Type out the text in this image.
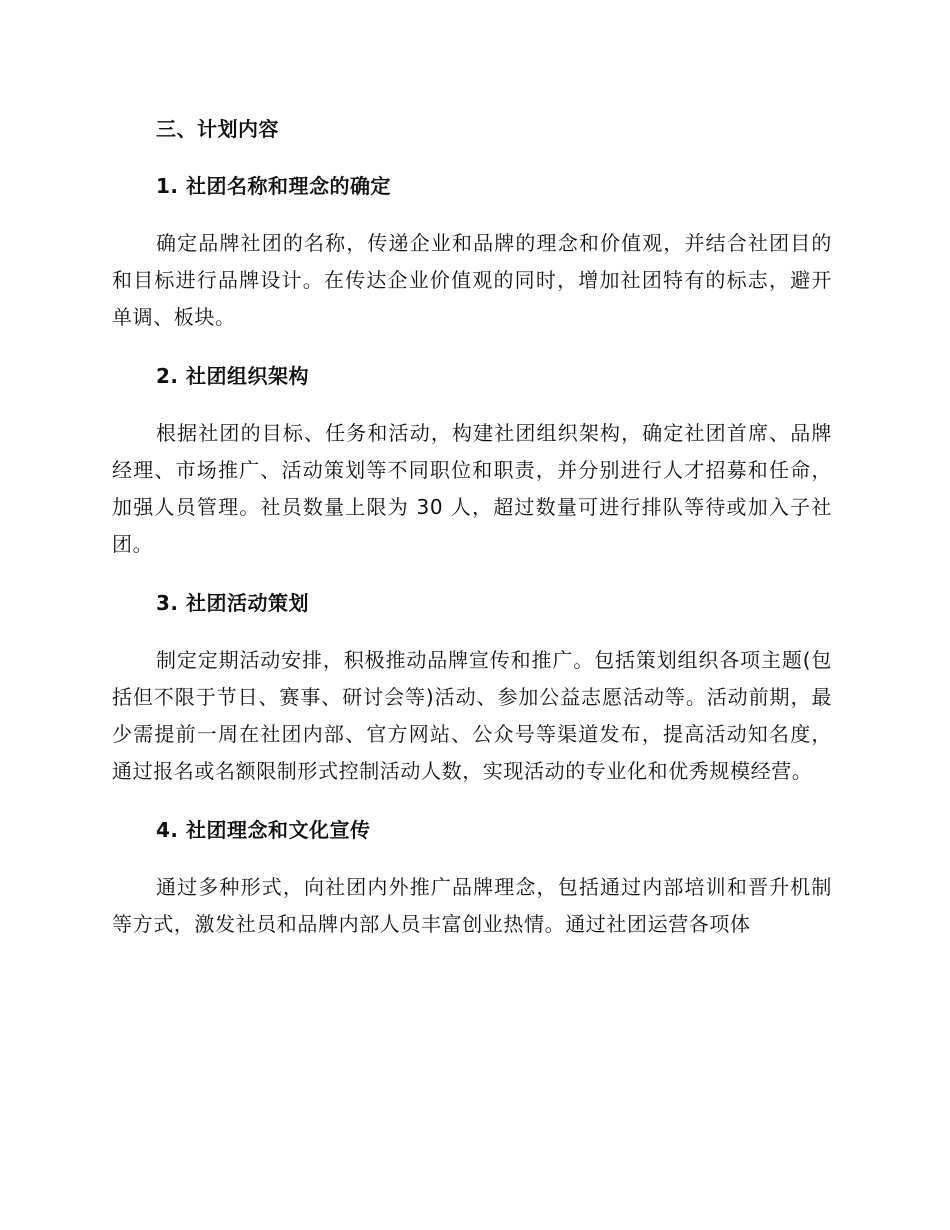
三、计划内容
1. 社团名称和理念的确定
确定品牌社团的名称，传递企业和品牌的理念和价值观，并结合社团目的和目标进行品牌设计。在传达企业价值观的同时，增加社团特有的标志，避开单调、板块。
2. 社团组织架构
根据社团的目标、任务和活动，构建社团组织架构，确定社团首席、品牌经理、市场推广、活动策划等不同职位和职责，并分别进行人才招募和任命，加强人员管理。社员数量上限为 30 人，超过数量可进行排队等待或加入子社团。
3. 社团活动策划
制定定期活动安排，积极推动品牌宣传和推广。包括策划组织各项主题(包括但不限于节日、赛事、研讨会等)活动、参加公益志愿活动等。活动前期，最少需提前一周在社团内部、官方网站、公众号等渠道发布，提高活动知名度，通过报名或名额限制形式控制活动人数，实现活动的专业化和优秀规模经营。
4. 社团理念和文化宣传
通过多种形式，向社团内外推广品牌理念，包括通过内部培训和晋升机制等方式，激发社员和品牌内部人员丰富创业热情。通过社团运营各项体
